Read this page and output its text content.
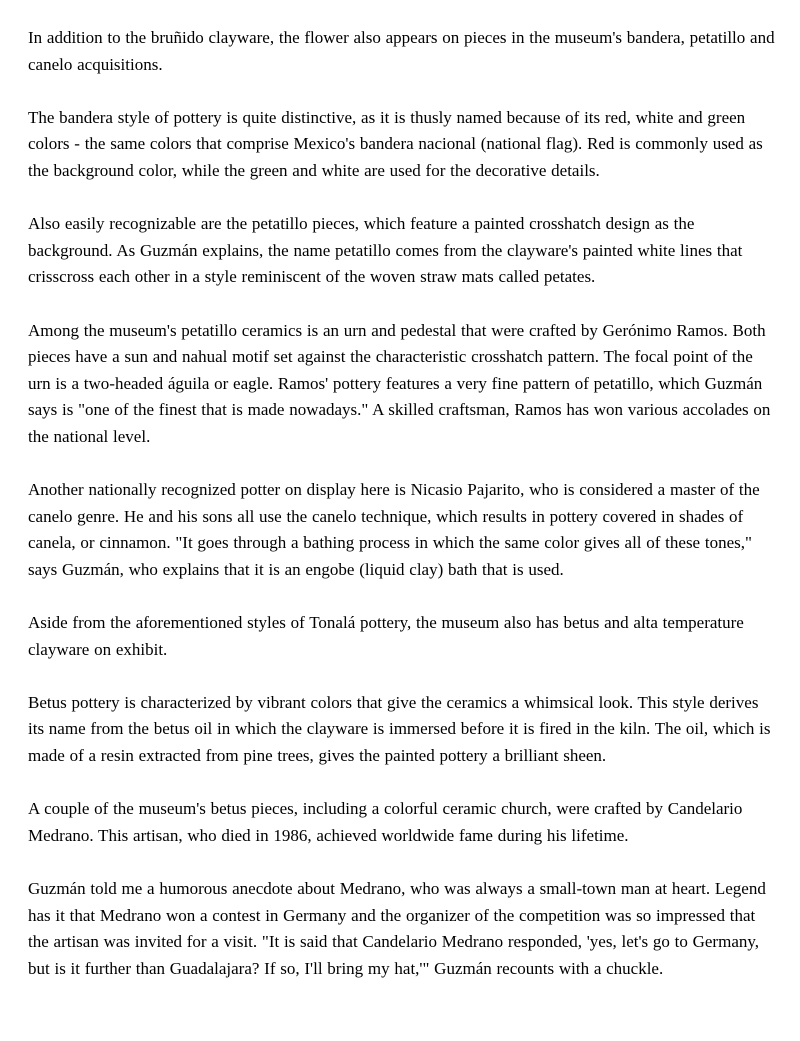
In addition to the bruñido clayware, the flower also appears on pieces in the museum's bandera, petatillo and canelo acquisitions.

The bandera style of pottery is quite distinctive, as it is thusly named because of its red, white and green colors - the same colors that comprise Mexico's bandera nacional (national flag). Red is commonly used as the background color, while the green and white are used for the decorative details.

Also easily recognizable are the petatillo pieces, which feature a painted crosshatch design as the background. As Guzmán explains, the name petatillo comes from the clayware's painted white lines that crisscross each other in a style reminiscent of the woven straw mats called petates.

Among the museum's petatillo ceramics is an urn and pedestal that were crafted by Gerónimo Ramos. Both pieces have a sun and nahual motif set against the characteristic crosshatch pattern. The focal point of the urn is a two-headed águila or eagle. Ramos' pottery features a very fine pattern of petatillo, which Guzmán says is "one of the finest that is made nowadays." A skilled craftsman, Ramos has won various accolades on the national level.

Another nationally recognized potter on display here is Nicasio Pajarito, who is considered a master of the canelo genre. He and his sons all use the canelo technique, which results in pottery covered in shades of canela, or cinnamon. "It goes through a bathing process in which the same color gives all of these tones," says Guzmán, who explains that it is an engobe (liquid clay) bath that is used.

Aside from the aforementioned styles of Tonalá pottery, the museum also has betus and alta temperature clayware on exhibit.

Betus pottery is characterized by vibrant colors that give the ceramics a whimsical look. This style derives its name from the betus oil in which the clayware is immersed before it is fired in the kiln. The oil, which is made of a resin extracted from pine trees, gives the painted pottery a brilliant sheen.

A couple of the museum's betus pieces, including a colorful ceramic church, were crafted by Candelario Medrano. This artisan, who died in 1986, achieved worldwide fame during his lifetime.

Guzmán told me a humorous anecdote about Medrano, who was always a small-town man at heart. Legend has it that Medrano won a contest in Germany and the organizer of the competition was so impressed that the artisan was invited for a visit. "It is said that Candelario Medrano responded, 'yes, let's go to Germany, but is it further than Guadalajara? If so, I'll bring my hat,'" Guzmán recounts with a chuckle.
